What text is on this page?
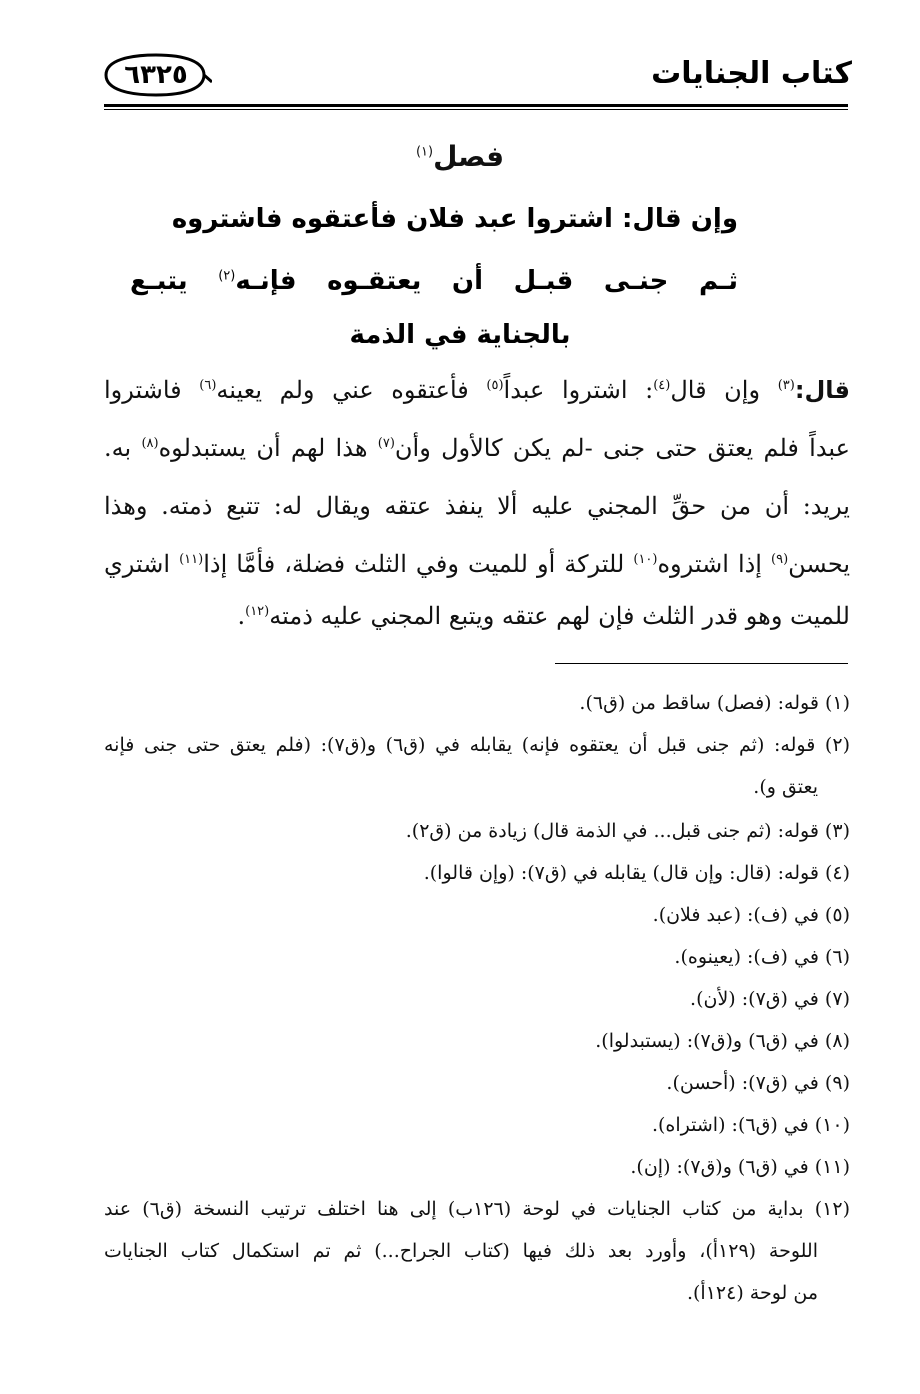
كتاب الجنايات
٦٣٢٥
فصل$^{(١)}$
وإن قال: اشتروا عبد فلان فأعتقوه فاشتروه
ثـم جنـى قبـل أن يعتقـوه فإنـه$^{(٢)}$ يتبـع
بالجناية في الذمة
قال:$^{(٣)}$ وإن قال$^{(٤)}$: اشتروا عبداً$^{(٥)}$ فأعتقوه عني ولم يعينه$^{(٦)}$ فاشتروا
عبداً فلم يعتق حتى جنى -لم يكن كالأول وأن$^{(٧)}$ هذا لهم أن يستبدلوه$^{(٨)}$ به.
يريد: أن من حقِّ المجني عليه ألا ينفذ عتقه ويقال له: تتبع ذمته. وهذا
يحسن$^{(٩)}$ إذا اشتروه$^{(١٠)}$ للتركة أو للميت وفي الثلث فضلة، فأمَّا إذا$^{(١١)}$ اشتري
للميت وهو قدر الثلث فإن لهم عتقه ويتبع المجني عليه ذمته$^{(١٢)}$.
(١) قوله: (فصل) ساقط من (ق٦).
(٢) قوله: (ثم جنى قبل أن يعتقوه فإنه) يقابله في (ق٦) و(ق٧): (فلم يعتق حتى جنى فإنه
يعتق و).
(٣) قوله: (ثم جنى قبل... في الذمة قال) زيادة من (ق٢).
(٤) قوله: (قال: وإن قال) يقابله في (ق٧): (وإن قالوا).
(٥) في (ف): (عبد فلان).
(٦) في (ف): (يعينوه).
(٧) في (ق٧): (لأن).
(٨) في (ق٦) و(ق٧): (يستبدلوا).
(٩) في (ق٧): (أحسن).
(١٠) في (ق٦): (اشتراه).
(١١) في (ق٦) و(ق٧): (إن).
(١٢) بداية من كتاب الجنايات في لوحة (١٢٦ب) إلى هنا اختلف ترتيب النسخة (ق٦) عند
اللوحة (١٢٩أ)، وأورد بعد ذلك فيها (كتاب الجراح...) ثم تم استكمال كتاب الجنايات
من لوحة (١٢٤أ).
